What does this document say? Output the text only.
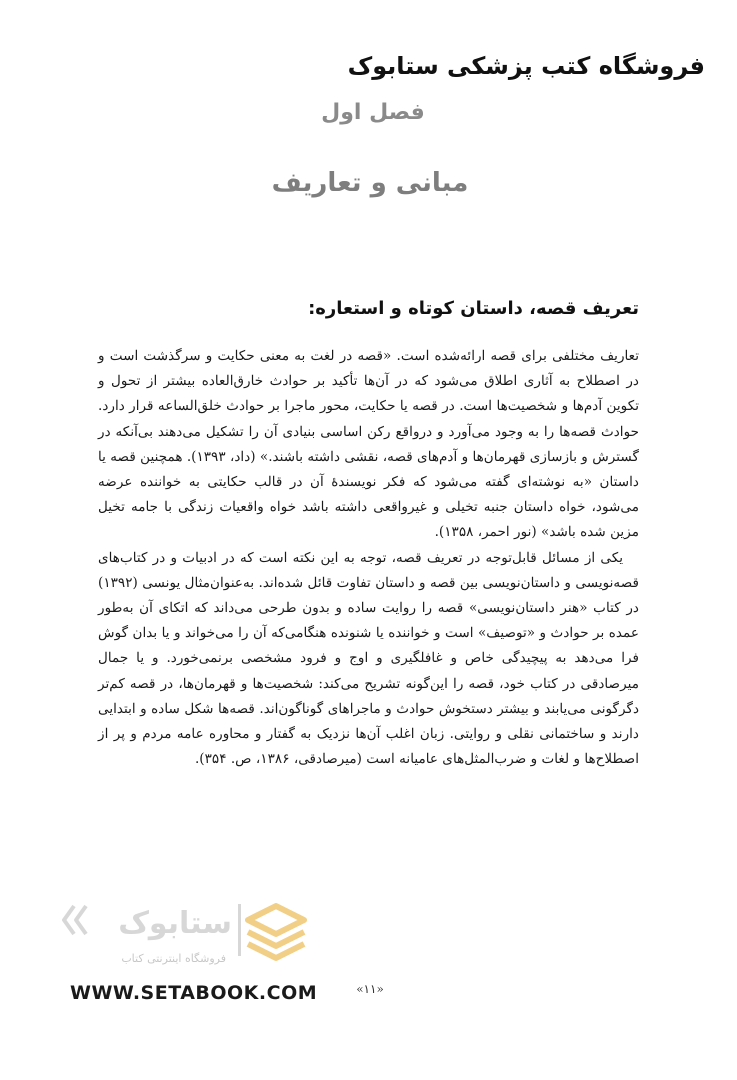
فروشگاه کتب پزشکی ستابوک
فصل اول
مبانی و تعاریف
تعریف قصه، داستان کوتاه و استعاره:

تعاریف مختلفی برای قصه ارائه‌شده است. «قصه در لغت به معنی حکایت و سرگذشت است و در اصطلاح به آثاری اطلاق می‌شود که در آن‌ها تأکید بر حوادث خارق‌العاده بیشتر از تحول و تکوین آدم‌ها و شخصیت‌ها است. در قصه یا حکایت، محور ماجرا بر حوادث خلق‌الساعه قرار دارد. حوادث قصه‌ها را به وجود می‌آورد و درواقع رکن اساسی بنیادی آن را تشکیل می‌دهند بی‌آنکه در گسترش و بازسازی قهرمان‌ها و آدم‌های قصه، نقشی داشته باشند.» (داد، ۱۳۹۳). همچنین قصه یا داستان «به نوشته‌ای گفته می‌شود که فکر نویسندهٔ آن در قالب حکایتی به خواننده عرضه می‌شود، خواه داستان جنبه تخیلی و غیرواقعی داشته باشد خواه واقعیات زندگی با جامه تخیل مزین شده باشد» (نور احمر، ۱۳۵۸).

یکی از مسائل قابل‌توجه در تعریف قصه، توجه به این نکته است که در ادبیات و در کتاب‌های قصه‌نویسی و داستان‌نویسی بین قصه و داستان تفاوت قائل شده‌اند. به‌عنوان‌مثال یونسی (۱۳۹۲) در کتاب «هنر داستان‌نویسی» قصه را روایت ساده و بدون طرحی می‌داند که اتکای آن به‌طور عمده بر حوادث و «توصیف» است و خواننده یا شنونده هنگامی‌که آن را می‌خواند و یا بدان گوش فرا می‌دهد به پیچیدگی خاص و غافلگیری و اوج و فرود مشخصی برنمی‌خورد. و یا جمال میرصادقی در کتاب خود، قصه را این‌گونه تشریح می‌کند: شخصیت‌ها و قهرمان‌ها، در قصه کم‌تر دگرگونی می‌یابند و بیشتر دستخوش حوادث و ماجراهای گوناگون‌اند. قصه‌ها شکل ساده و ابتدایی دارند و ساختمانی نقلی و روایتی. زبان اغلب آن‌ها نزدیک به گفتار و محاوره عامه مردم و پر از اصطلاح‌ها و لغات و ضرب‌المثل‌های عامیانه است (میرصادقی، ۱۳۸۶، ص. ۳۵۴).

ستابوک
فروشگاه اینترنتی کتاب
WWW.SETABOOK.COM	«۱۱»
